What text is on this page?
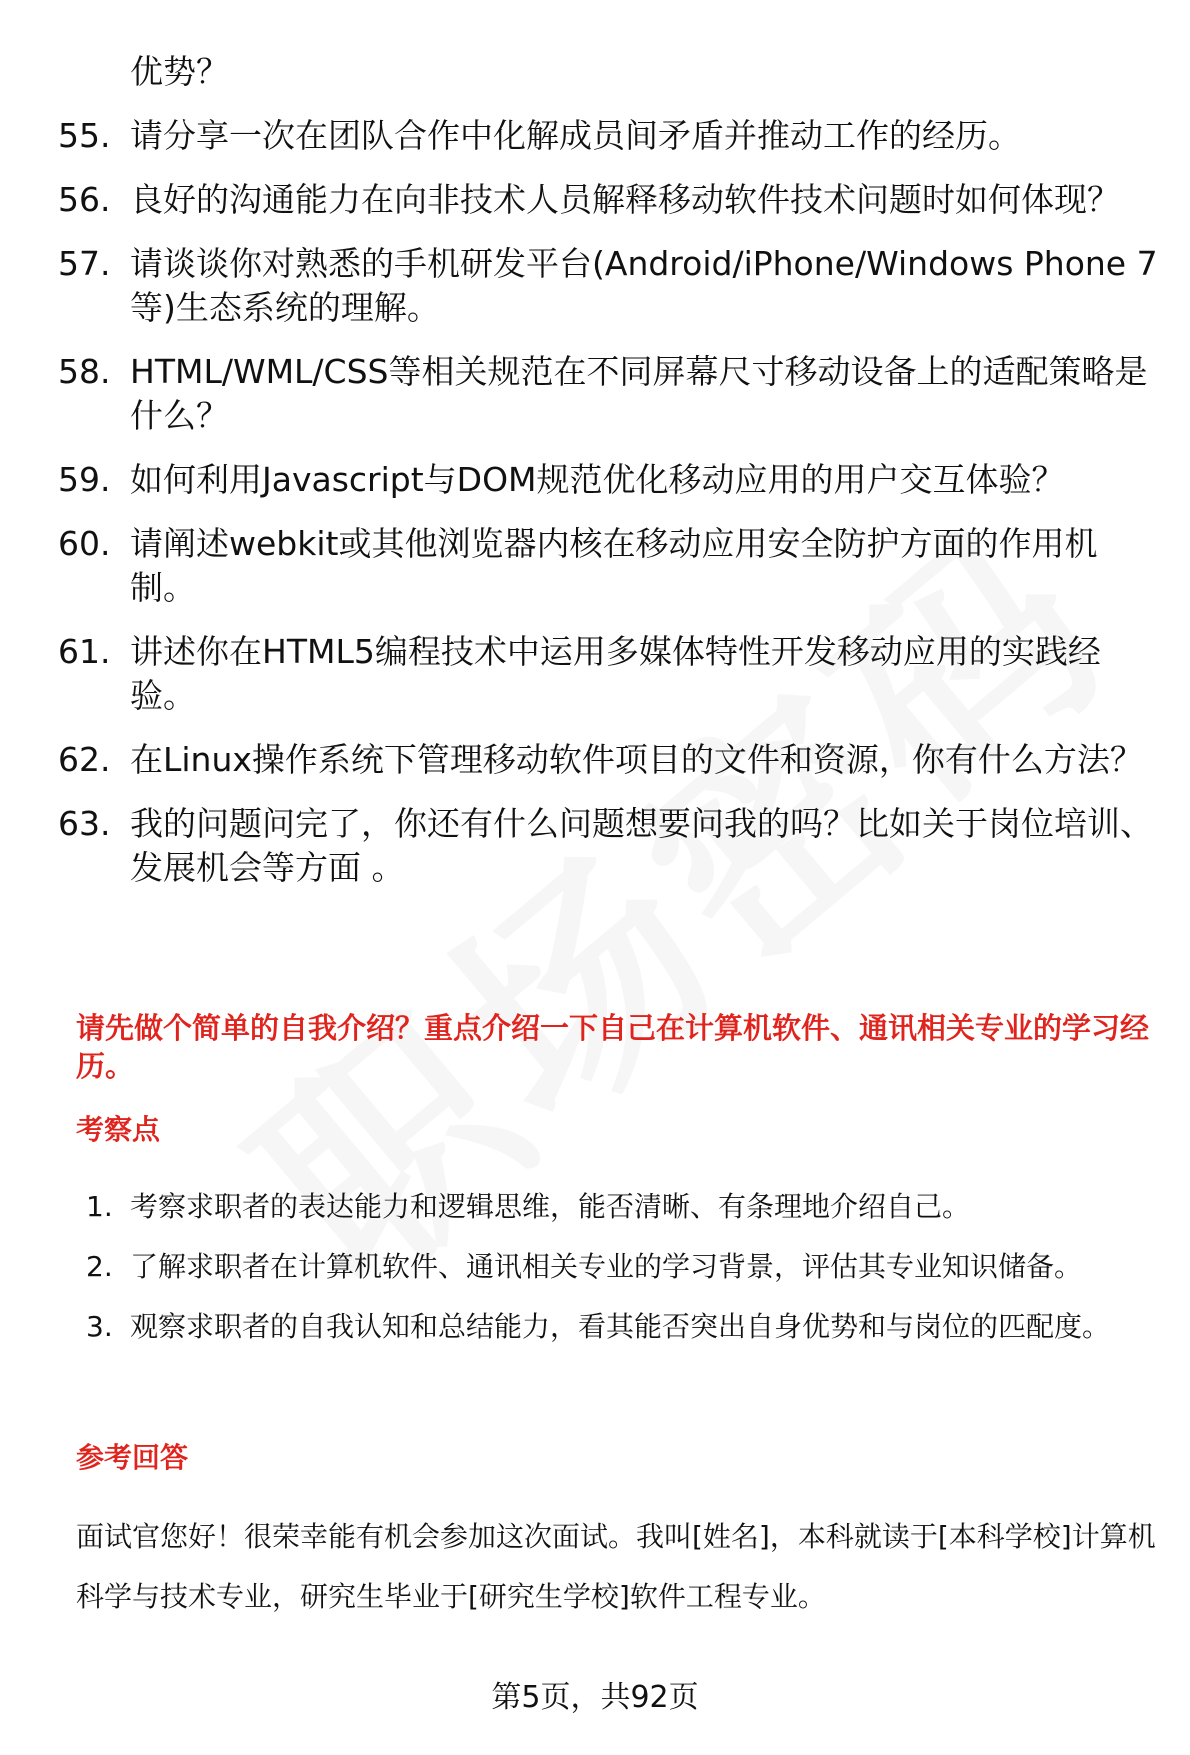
优势？
55. 请分享一次在团队合作中化解成员间矛盾并推动工作的经历。
56. 良好的沟通能力在向非技术人员解释移动软件技术问题时如何体现？
57. 请谈谈你对熟悉的手机研发平台(Android/iPhone/Windows Phone 7等)生态系统的理解。
58. HTML/WML/CSS等相关规范在不同屏幕尺寸移动设备上的适配策略是什么？
59. 如何利用Javascript与DOM规范优化移动应用的用户交互体验？
60. 请阐述webkit或其他浏览器内核在移动应用安全防护方面的作用机制。
61. 讲述你在HTML5编程技术中运用多媒体特性开发移动应用的实践经验。
62. 在Linux操作系统下管理移动软件项目的文件和资源，你有什么方法？
63. 我的问题问完了，你还有什么问题想要问我的吗？比如关于岗位培训、发展机会等方面 。
请先做个简单的自我介绍？重点介绍一下自己在计算机软件、通讯相关专业的学习经历。
考察点
1. 考察求职者的表达能力和逻辑思维，能否清晰、有条理地介绍自己。
2. 了解求职者在计算机软件、通讯相关专业的学习背景，评估其专业知识储备。
3. 观察求职者的自我认知和总结能力，看其能否突出自身优势和与岗位的匹配度。
参考回答
面试官您好！很荣幸能有机会参加这次面试。我叫[姓名]，本科就读于[本科学校]计算机科学与技术专业，研究生毕业于[研究生学校]软件工程专业。
第5页，共92页
